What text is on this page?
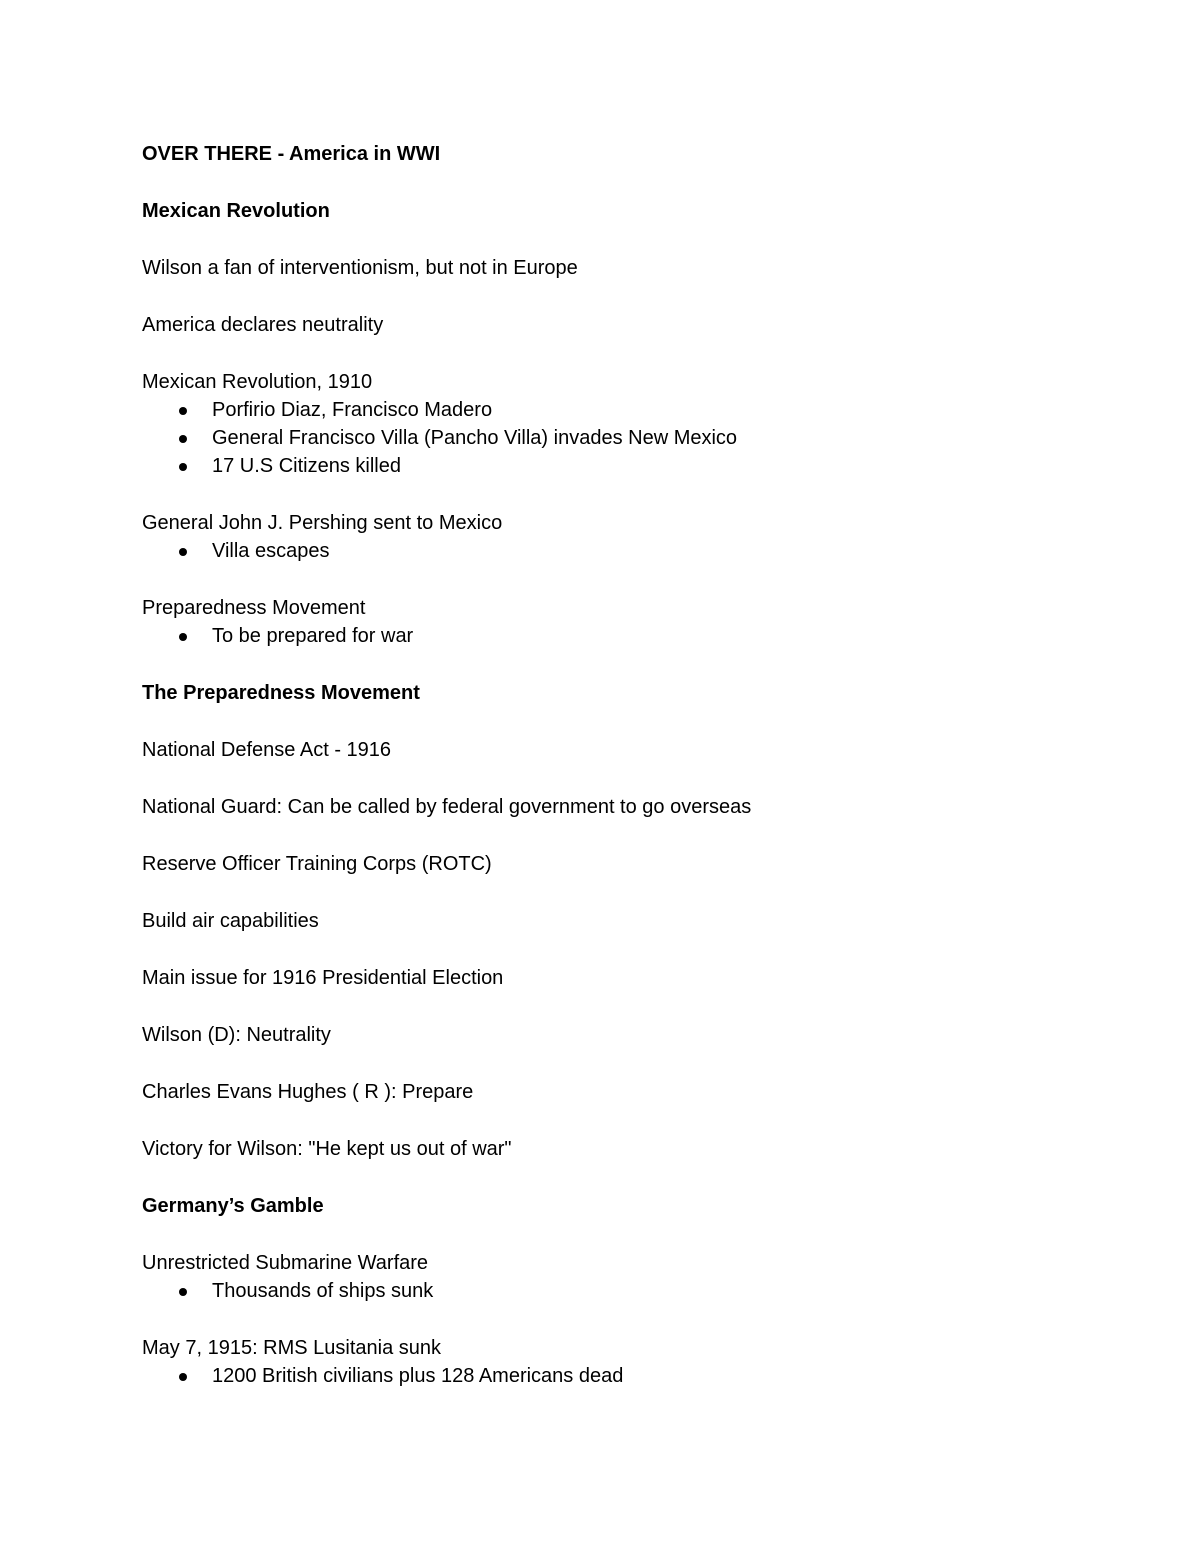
OVER THERE - America in WWI
Mexican Revolution
Wilson a fan of interventionism, but not in Europe
America declares neutrality
Mexican Revolution, 1910
Porfirio Diaz, Francisco Madero
General Francisco Villa (Pancho Villa) invades New Mexico
17 U.S Citizens killed
General John J. Pershing sent to Mexico
Villa escapes
Preparedness Movement
To be prepared for war
The Preparedness Movement
National Defense Act - 1916
National Guard: Can be called by federal government to go overseas
Reserve Officer Training Corps (ROTC)
Build air capabilities
Main issue for 1916 Presidential Election
Wilson (D): Neutrality
Charles Evans Hughes ( R ): Prepare
Victory for Wilson: "He kept us out of war"
Germany’s Gamble
Unrestricted Submarine Warfare
Thousands of ships sunk
May 7, 1915: RMS Lusitania sunk
1200 British civilians plus 128 Americans dead
